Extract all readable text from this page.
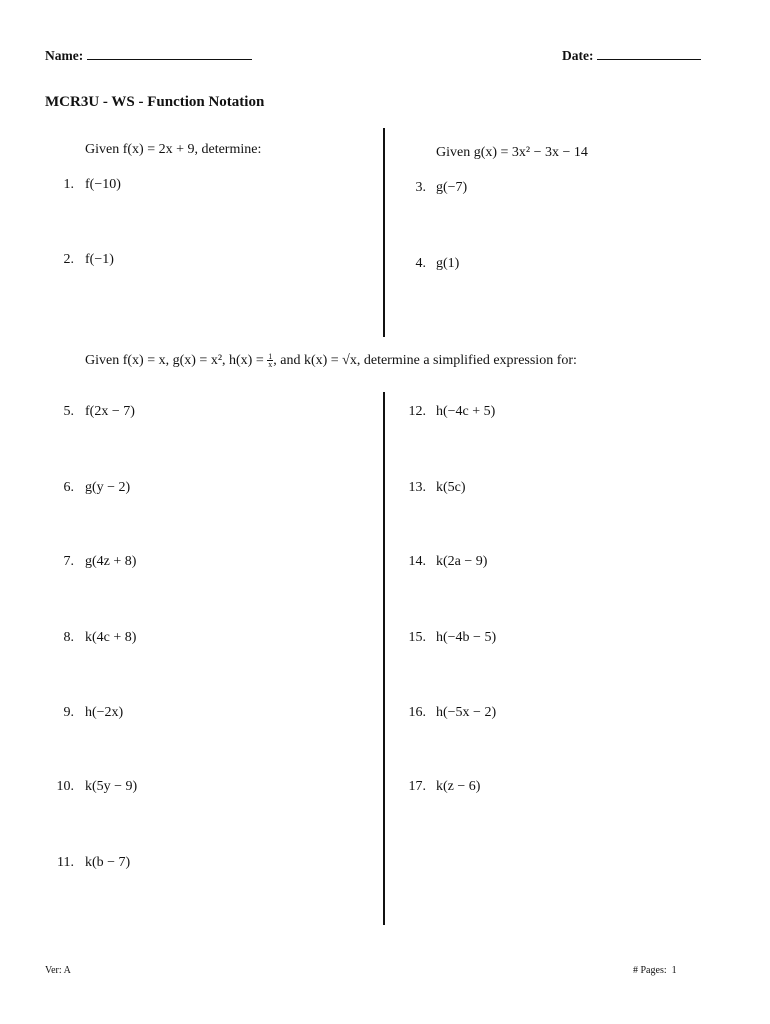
Name:	Date:
MCR3U - WS - Function Notation
Given f(x) = 2x + 9, determine:	Given g(x) = 3x² − 3x − 14
1. f(−10)
2. f(−1)
3. g(−7)
4. g(1)
Given f(x) = x, g(x) = x², $h(x) = \frac{1}{x}$ , and k(x) = √x, determine a simplified expression for:
5. f(2x − 7)
6. g(y − 2)
7. g(4z + 8)
8. k(4c + 8)
9. h(−2x)
10. k(5y − 9)
11. k(b − 7)
12. h(−4c + 5)
13. k(5c)
14. k(2a − 9)
15. h(−4b − 5)
16. h(−5x − 2)
17. k(z − 6)
Ver: A	# Pages:  1
